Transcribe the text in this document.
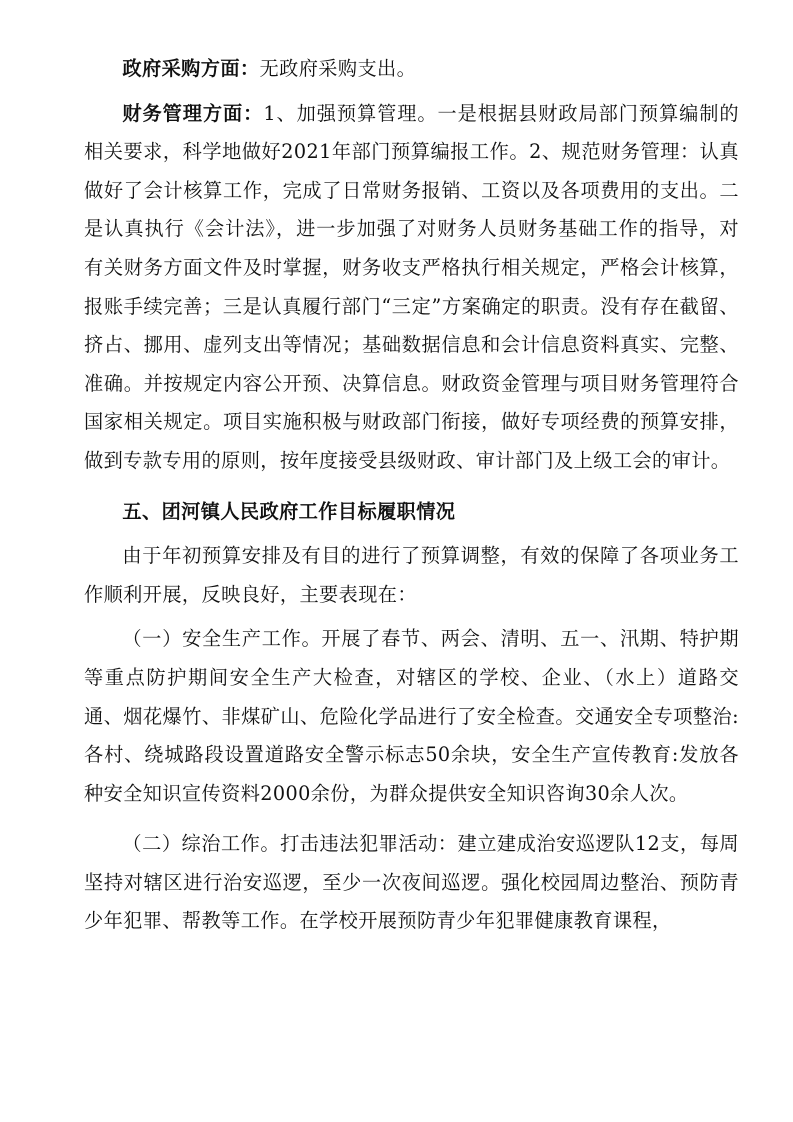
政府采购方面：无政府采购支出。

财务管理方面：1、加强预算管理。一是根据县财政局部门预算编制的相关要求，科学地做好2021年部门预算编报工作。2、规范财务管理：认真做好了会计核算工作，完成了日常财务报销、工资以及各项费用的支出。二是认真执行《会计法》，进一步加强了对财务人员财务基础工作的指导，对有关财务方面文件及时掌握，财务收支严格执行相关规定，严格会计核算，报账手续完善；三是认真履行部门“三定”方案确定的职责。没有存在截留、挤占、挪用、虚列支出等情况；基础数据信息和会计信息资料真实、完整、准确。并按规定内容公开预、决算信息。财政资金管理与项目财务管理符合国家相关规定。项目实施积极与财政部门衔接，做好专项经费的预算安排，做到专款专用的原则，按年度接受县级财政、审计部门及上级工会的审计。

五、团河镇人民政府工作目标履职情况

由于年初预算安排及有目的进行了预算调整，有效的保障了各项业务工作顺利开展，反映良好，主要表现在：

（一）安全生产工作。开展了春节、两会、清明、五一、汛期、特护期等重点防护期间安全生产大检查，对辖区的学校、企业、（水上）道路交通、烟花爆竹、非煤矿山、危险化学品进行了安全检查。交通安全专项整治:各村、绕城路段设置道路安全警示标志50余块，安全生产宣传教育:发放各种安全知识宣传资料2000余份，为群众提供安全知识咨询30余人次。

（二）综治工作。打击违法犯罪活动：建立建成治安巡逻队12支，每周坚持对辖区进行治安巡逻，至少一次夜间巡逻。强化校园周边整治、预防青少年犯罪、帮教等工作。在学校开展预防青少年犯罪健康教育课程，
